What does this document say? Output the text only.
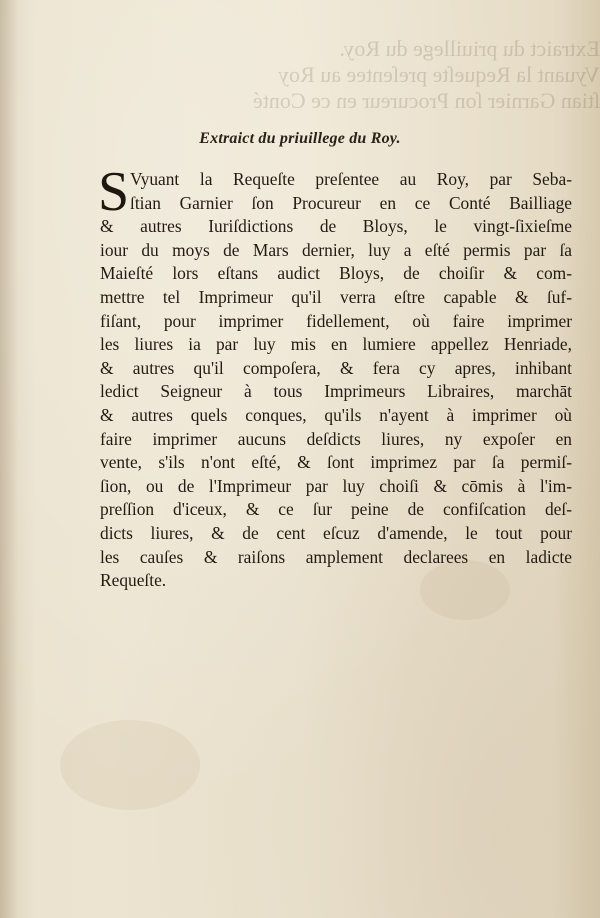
Extraict du priuillege du Roy.
Vyuant la Requeſte preſentee au Roy
ſtian Garnier ſon Procureur en ce Conté
Extraict du priuillege du Roy.
S Vyuant la Requeſte preſentee au Roy, par Seba-
ſtian Garnier ſon Procureur en ce Conté Bailliage
& autres Iuriſdictions de Bloys, le vingt-ſixieſme
iour du moys de Mars dernier, luy a eſté permis par ſa
Maieſté lors eſtans audict Bloys, de choiſir & com-
mettre tel Imprimeur qu'il verra eſtre capable & ſuf-
fiſant, pour imprimer fidellement, où faire imprimer
les liures ia par luy mis en lumiere appellez Henriade,
& autres qu'il compoſera, & fera cy apres, inhibant
ledict Seigneur à tous Imprimeurs Libraires, marchāt
& autres quels conques, qu'ils n'ayent à imprimer où
faire imprimer aucuns deſdicts liures, ny expoſer en
vente, s'ils n'ont eſté, & ſont imprimez par ſa permiſ-
ſion, ou de l'Imprimeur par luy choiſi & cōmis à l'im-
preſſion d'iceux, & ce ſur peine de confiſcation deſ-
dicts liures, & de cent eſcuz d'amende, le tout pour
les cauſes & raiſons amplement declarees en ladicte
Requeſte.
